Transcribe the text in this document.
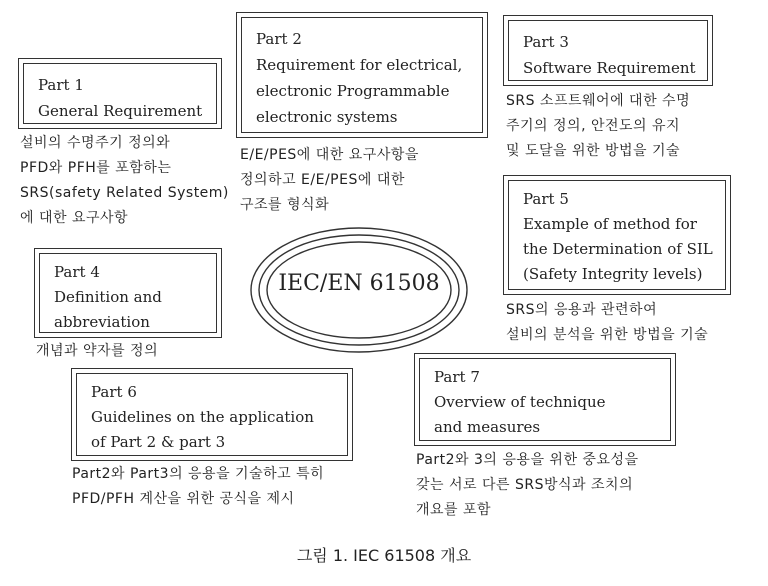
Part 1
General Requirement
Part 2
Requirement for electrical,
electronic Programmable
electronic systems
Part 3
Software Requirement
Part 4
Definition and
abbreviation
Part 5
Example of method for
the Determination of SIL
(Safety Integrity levels)
Part 6
Guidelines on the application
of Part 2 & part 3
Part 7
Overview of technique
and measures
설비의 수명주기 정의와
PFD와 PFH를 포함하는
SRS(safety Related System)
에 대한 요구사항
E/E/PES에 대한 요구사항을
정의하고 E/E/PES에 대한
구조를 형식화
SRS 소프트웨어에 대한 수명
주기의 정의, 안전도의 유지
및 도달을 위한 방법을 기술
개념과 약자를 정의
SRS의 응용과 관련하여
설비의 분석을 위한 방법을 기술
Part2와 Part3의 응용을 기술하고 특히
PFD/PFH 계산을 위한 공식을 제시
Part2와 3의 응용을 위한 중요성을
갖는 서로 다른 SRS방식과 조치의
개요를 포함
IEC/EN 61508
그림 1. IEC 61508 개요
